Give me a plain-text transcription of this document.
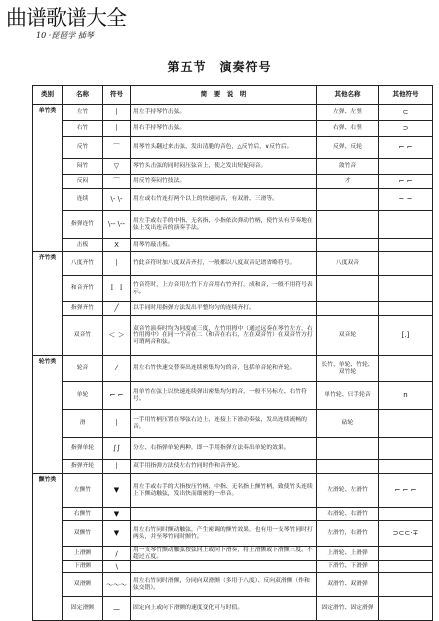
曲谱歌谱大全
10 ·琵琶学 插琴
第五节　演奏符号
类别	名称	符号	简　要　说　明	其他名称	其他符号
单竹类	左竹	丨	用左手持琴竹击弦。	左弹、左竖	⊂
	右竹	丨	用右手持琴竹击弦。	右弹、右竖	⊃
	反竹	⌒	用琴竹头翻过来击弦，发出清脆的音色，△反竹后，∨反竹后。	反弹、反轮	⌐ ⌐
	闷竹	▽	琴竹头击弦的同时闷压弦音上，使之发出短促闷音。	敛竹音	
	反闷	⌒	用反竹奏闷竹技法。	才	⌐ ⌐
	连续	\- \-	用左或右竹连打两个以上的快速同音，有双滑、三滑等。		~ ~
	指弹连竹	\-- \--	用左手或右手的中指、无名指、小指依次弹动竹柄，使竹头有节奏地在弦上发出连音的演奏手法。		
	击板	X	用琴竹敲击板。		
齐竹类	八度齐竹	丨	竹此音符时加八度双音齐打，一般都以八度双音记谱省略符号。	八度双音	
	和音齐竹	Ｉ Ｉ	竹音符时，上方音用左竹下方音用右竹齐打，成和音，一般不用符号表示。		
	指弹齐竹	╱	以手同时用指弹方法发出平整均匀的连续齐打。		
	双音竹	＜ ＞	双音竹演奏时均为同度或三度，左竹用拇中（通过远奏在琴竹左方，右竹用拇中）在同一个音在二（和音在右右，左在双音竹）在双音竹方打可谓两音和弦。	双音轮	[.]
轮竹类	轮音	⁄	用左右竹快速交替奏出连续密集均匀的音，包括单音轮和齐轮。	长竹、单轮、竹轮、双竹轮	
	单轮	⌐ ⌐	用单竹在弦上以快速连续弹出密集均匀的音，一般不另标左、右竹符号。	单竹轮、只手轮音	n
	滑	丨	一手用竹柄压置在琴弦右边上，连接上下滑动奏弦，发出连续流畅的音。	砧轮	
	指弹单轮	∫∫	分左、右指弹单轮两种，即一手用指弹方法奏出单轮的效果。		
	指弹齐轮	丨	双手用指弹方法使左右竹同时作和音齐轮。		
颤竹类	左颤竹	▼	用左手或右手的大指按压竹柄，中指、无名指上颤竹柄，致使竹头连续上下颤动触弦，发出快而细密的一串音。	左滑轮、左滑竹	⌐ ⌐ ⌐
	右颤竹	▼		右滑轮、右滑竹	
	双颤竹	▼	用左右竹同时颤动触弦，产生密调的颤竹效果，也有用一支琴竹同时打两头，并至琴竹同时颤竹。	左滑竹，右滑竹	⊃⊂⊂·∓
	上滑颤	∕	用一支琴竹颤动触弦按弦向上或向下滑奏，将上滑颤或下滑颤三度，不超过五度。	上滑轮、上滑弹	
	下滑颤	∖		下滑竹、下滑弹	
	双滑颤	～～～	用左右竹同时滑颤，分同向双滑颤（多用于八度）、反向双滑颤（作和弦交错）。	双滑竹、双滑弹	
	固定滑颤	—	固定向上或向下滑颤的速度变化可与时值。	固定滑竹、固定滑弹	
